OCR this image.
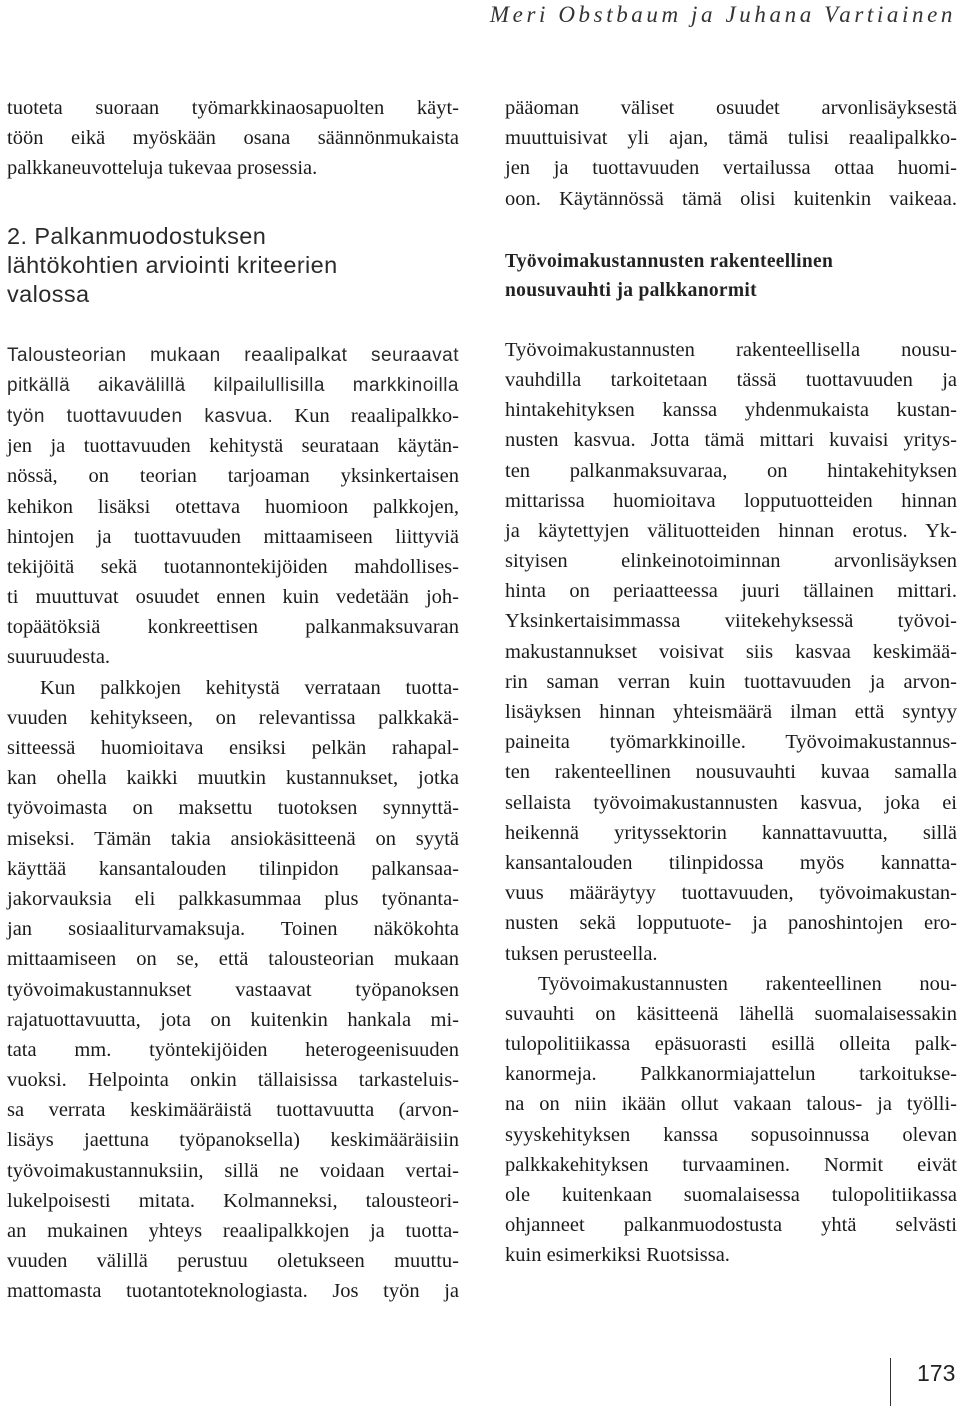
Meri Obstbaum ja Juhana Vartiainen
tuoteta suoraan työmarkkinaosapuolten käyt-
töön eikä myöskään osana säännönmukaista
palkkaneuvotteluja tukevaa prosessia.
2. Palkanmuodostuksen
lähtökohtien arviointi kriteerien
valossa
Talousteorian mukaan reaalipalkat seuraavat
pitkällä aikavälillä kilpailullisilla markkinoilla
työn tuottavuuden kasvua. Kun reaalipalkko-
jen ja tuottavuuden kehitystä seurataan käytän-
nössä, on teorian tarjoaman yksinkertaisen
kehikon lisäksi otettava huomioon palkkojen,
hintojen ja tuottavuuden mittaamiseen liittyviä
tekijöitä sekä tuotannontekijöiden mahdollises-
ti muuttuvat osuudet ennen kuin vedetään joh-
topäätöksiä konkreettisen palkanmaksuvaran
suuruudesta.
Kun palkkojen kehitystä verrataan tuotta-
vuuden kehitykseen, on relevantissa palkkakä-
sitteessä huomioitava ensiksi pelkän rahapal-
kan ohella kaikki muutkin kustannukset, jotka
työvoimasta on maksettu tuotoksen synnyttä-
miseksi. Tämän takia ansiokäsitteenä on syytä
käyttää kansantalouden tilinpidon palkansaa-
jakorvauksia eli palkkasummaa plus työnanta-
jan sosiaaliturvamaksuja. Toinen näkökohta
mittaamiseen on se, että talousteorian mukaan
työvoimakustannukset vastaavat työpanoksen
rajatuottavuutta, jota on kuitenkin hankala mi-
tata mm. työntekijöiden heterogeenisuuden
vuoksi. Helpointa onkin tällaisissa tarkasteluis-
sa verrata keskimääräistä tuottavuutta (arvon-
lisäys jaettuna työpanoksella) keskimääräisiin
työvoimakustannuksiin, sillä ne voidaan vertai-
lukelpoisesti mitata. Kolmanneksi, talousteori-
an mukainen yhteys reaalipalkkojen ja tuotta-
vuuden välillä perustuu oletukseen muuttu-
mattomasta tuotantoteknologiasta. Jos työn ja
pääoman väliset osuudet arvonlisäyksestä
muuttuisivat yli ajan, tämä tulisi reaalipalkko-
jen ja tuottavuuden vertailussa ottaa huomi-
oon. Käytännössä tämä olisi kuitenkin vaikeaa.
Työvoimakustannusten rakenteellinen
nousuvauhti ja palkkanormit
Työvoimakustannusten rakenteellisella nousu-
vauhdilla tarkoitetaan tässä tuottavuuden ja
hintakehityksen kanssa yhdenmukaista kustan-
nusten kasvua. Jotta tämä mittari kuvaisi yritys-
ten palkanmaksuvaraa, on hintakehityksen
mittarissa huomioitava lopputuotteiden hinnan
ja käytettyjen välituotteiden hinnan erotus. Yk-
sityisen elinkeinotoiminnan arvonlisäyksen
hinta on periaatteessa juuri tällainen mittari.
Yksinkertaisimmassa viitekehyksessä työvoi-
makustannukset voisivat siis kasvaa keskimää-
rin saman verran kuin tuottavuuden ja arvon-
lisäyksen hinnan yhteismäärä ilman että syntyy
paineita työmarkkinoille. Työvoimakustannus-
ten rakenteellinen nousuvauhti kuvaa samalla
sellaista työvoimakustannusten kasvua, joka ei
heikennä yrityssektorin kannattavuutta, sillä
kansantalouden tilinpidossa myös kannatta-
vuus määräytyy tuottavuuden, työvoimakustan-
nusten sekä lopputuote- ja panoshintojen ero-
tuksen perusteella.
Työvoimakustannusten rakenteellinen nou-
suvauhti on käsitteenä lähellä suomalaisessakin
tulopolitiikassa epäsuorasti esillä olleita palk-
kanormeja. Palkkanormiajattelun tarkoitukse-
na on niin ikään ollut vakaan talous- ja työlli-
syyskehityksen kanssa sopusoinnussa olevan
palkkakehityksen turvaaminen. Normit eivät
ole kuitenkaan suomalaisessa tulopolitiikassa
ohjanneet palkanmuodostusta yhtä selvästi
kuin esimerkiksi Ruotsissa.
173
